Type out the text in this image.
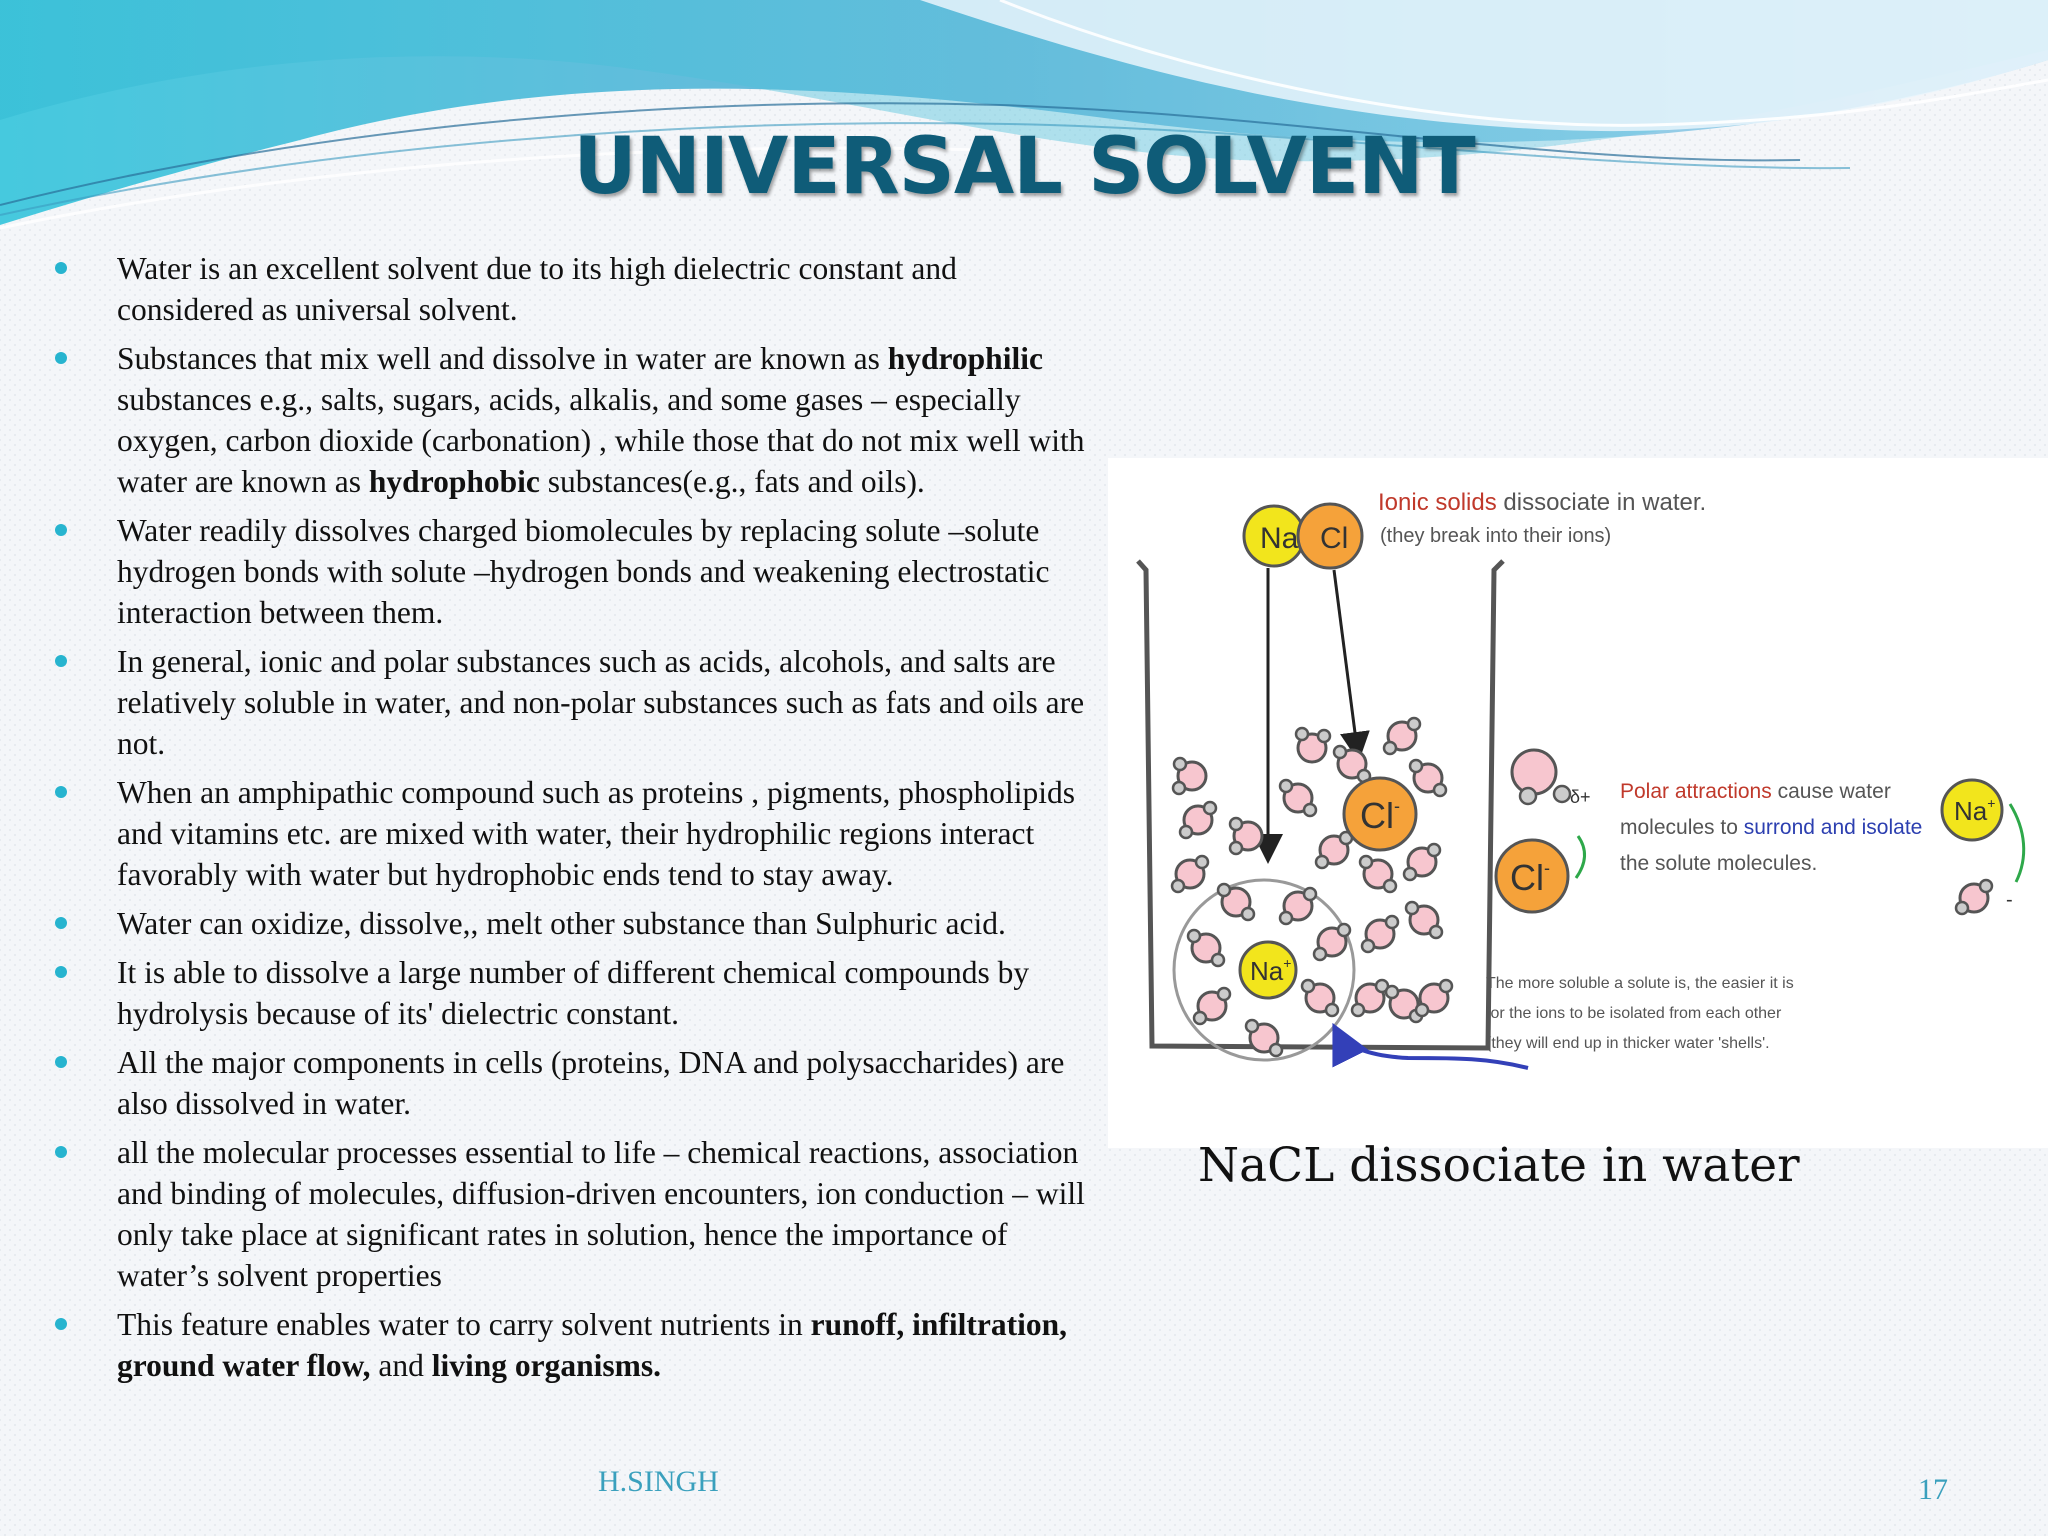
UNIVERSAL SOLVENT
Water is an excellent solvent due to its high dielectric constant and considered as universal solvent.
Substances that mix well and dissolve in water are known as hydrophilic substances e.g., salts, sugars, acids, alkalis, and some gases – especially oxygen, carbon dioxide (carbonation) , while those that do not mix well with water are known as hydrophobic substances(e.g., fats and oils).
Water readily dissolves charged biomolecules by replacing solute –solute hydrogen bonds with solute –hydrogen bonds and weakening electrostatic interaction between them.
In general, ionic and polar substances such as acids, alcohols, and salts are relatively soluble in water, and non-polar substances such as fats and oils are not.
When an amphipathic compound such as proteins , pigments, phospholipids and vitamins etc. are mixed with water, their hydrophilic regions interact favorably with water but hydrophobic ends tend to stay away.
Water can oxidize, dissolve,, melt other substance than Sulphuric acid.
It is able to dissolve a large number of different chemical compounds by hydrolysis because of its' dielectric constant.
All the major components in cells (proteins, DNA and polysaccharides) are also dissolved in water.
all the molecular processes essential to life – chemical reactions, association and binding of molecules, diffusion-driven encounters, ion conduction – will only take place at significant rates in solution, hence the importance of water’s solvent properties
This feature enables water to carry solvent nutrients in runoff, infiltration, ground water flow, and living organisms.
Na Cl
Ionic solids dissociate in water.
(they break into their ions)
Cl-
Na+
δ+
Cl-
Polar attractions cause water
molecules to surrond and isolate
the solute molecules.
Na+
-
The more soluble a solute is, the easier it is
for the ions to be isolated from each other
(they will end up in thicker water 'shells'.
NaCL dissociate in water
H.SINGH	17
